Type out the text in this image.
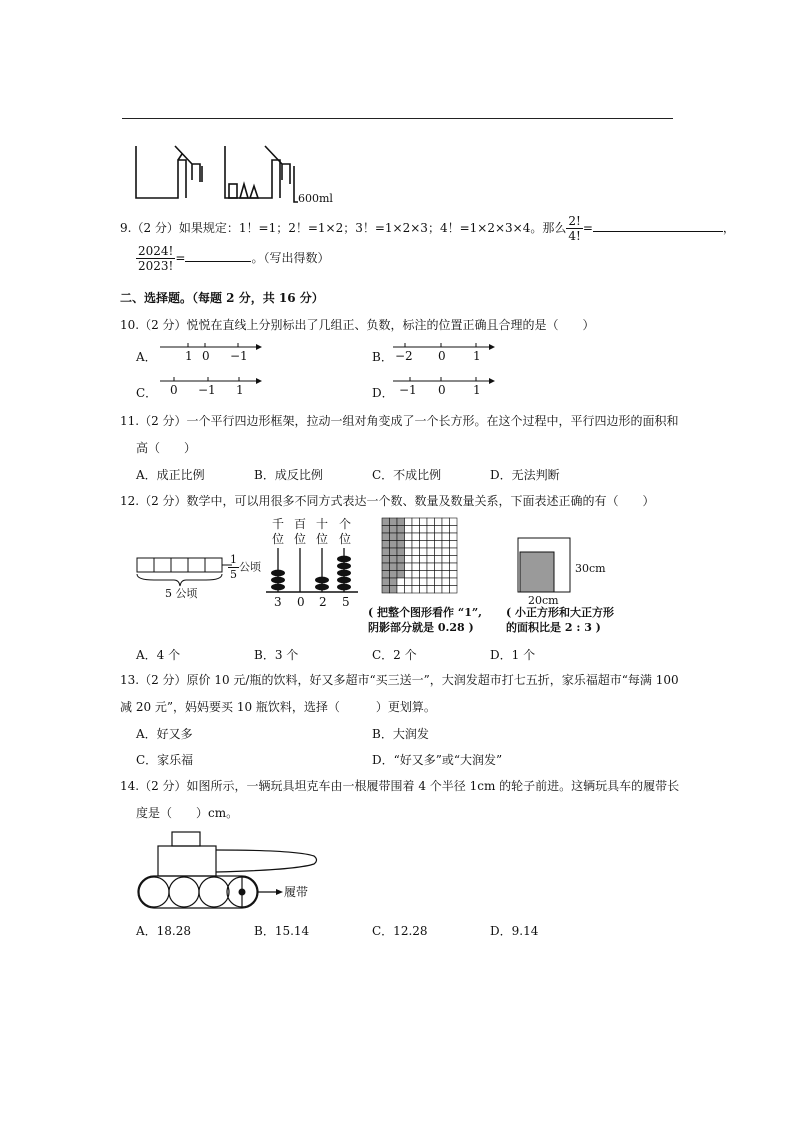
600ml
9.（2 分）如果规定：1！=1；2！=1×2；3！=1×2×3；4！=1×2×3×4。那么 $\frac{2!}{4!}$ =	，
$\frac{2024!}{2023!}$ =	。（写出得数）
二、选择题。（每题 2 分，共 16 分）
10.（2 分）悦悦在直线上分别标出了几组正、负数，标注的位置正确且合理的是（　　）
A． 1 0 −1	B． −2 0 1
C． 0 −1 1	D． −1 0 1
11.（2 分）一个平行四边形框架，拉动一组对角变成了一个长方形。在这个过程中，平行四边形的面积和
高（　　）
A．成正比例	B．成反比例	C．不成比例	D．无法判断
12.（2 分）数学中，可以用很多不同方式表达一个数、数量及数量关系，下面表述正确的有（　　）
$\frac{1}{5}$ 公顷
5 公顷
千 百 十 个
位 位 位 位
3 0 2 5
( 把整个图形看作 “1”,
阴影部分就是 0.28 )
30cm
20cm
( 小正方形和大正方形
的面积比是 2 : 3 )
A．4 个	B．3 个	C．2 个	D．1 个
13.（2 分）原价 10 元/瓶的饮料，好又多超市“买三送一”，大润发超市打七五折，家乐福超市“每满 100
减 20 元”，妈妈要买 10 瓶饮料，选择（　　　）更划算。
A．好又多	B．大润发
C．家乐福	D．“好又多”或“大润发”
14.（2 分）如图所示，一辆玩具坦克车由一根履带围着 4 个半径 1cm 的轮子前进。这辆玩具车的履带长
度是（　　）cm。
履带
A．18.28	B．15.14	C．12.28	D．9.14
